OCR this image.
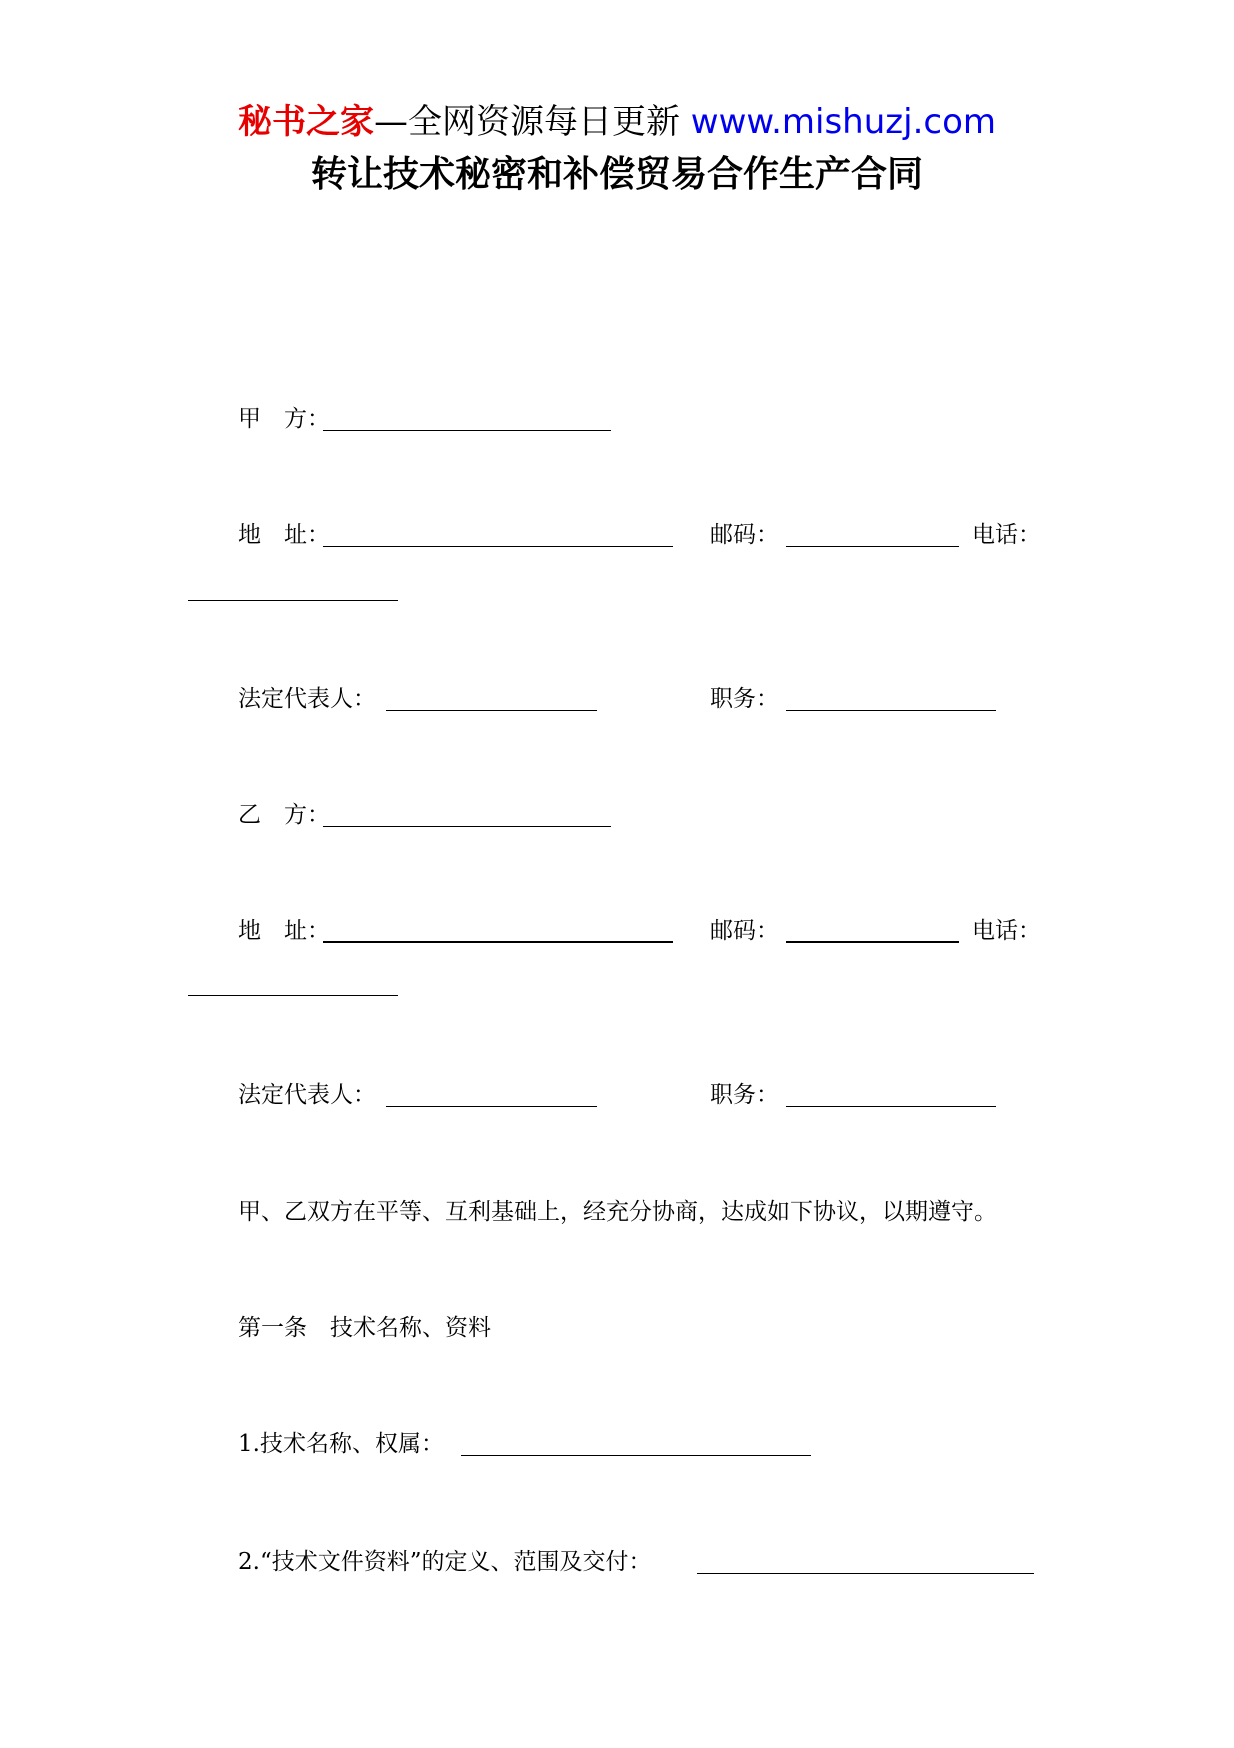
秘书之家—全网资源每日更新 www.mishuzj.com
转让技术秘密和补偿贸易合作生产合同
甲　方：
地　址：	邮码：	电话：
法定代表人：	职务：
乙　方：
地　址：	邮码：	电话：
法定代表人：	职务：
甲、乙双方在平等、互利基础上，经充分协商，达成如下协议，以期遵守。
第一条　技术名称、资料
1.技术名称、权属：
2.“技术文件资料”的定义、范围及交付：
